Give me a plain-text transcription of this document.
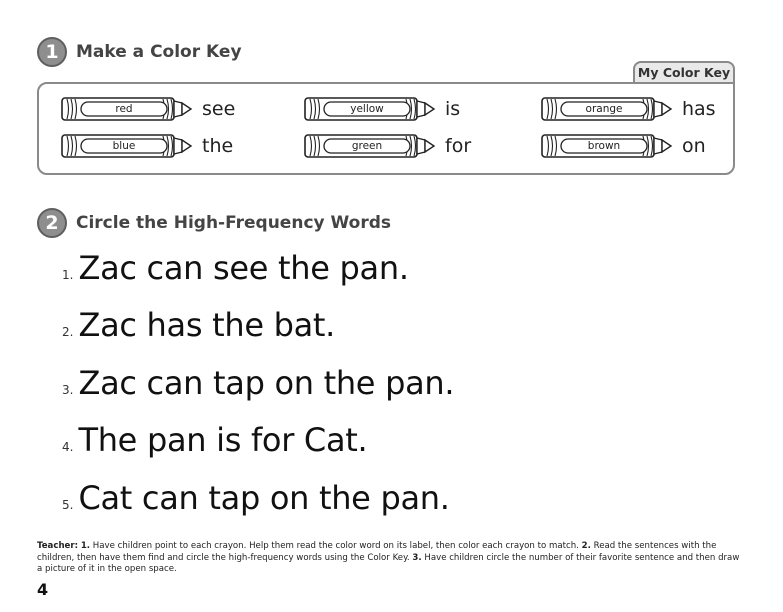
1	Make a Color Key
My Color Key
red	see	yellow	is	orange	has
blue	the	green	for	brown	on
2	Circle the High-Frequency Words
1. Zac can see the pan.
2. Zac has the bat.
3. Zac can tap on the pan.
4. The pan is for Cat.
5. Cat can tap on the pan.
Teacher: 1. Have children point to each crayon. Help them read the color word on its label, then color each crayon to match. 2. Read the sentences with the children, then have them find and circle the high-frequency words using the Color Key. 3. Have children circle the number of their favorite sentence and then draw a picture of it in the open space.
4
